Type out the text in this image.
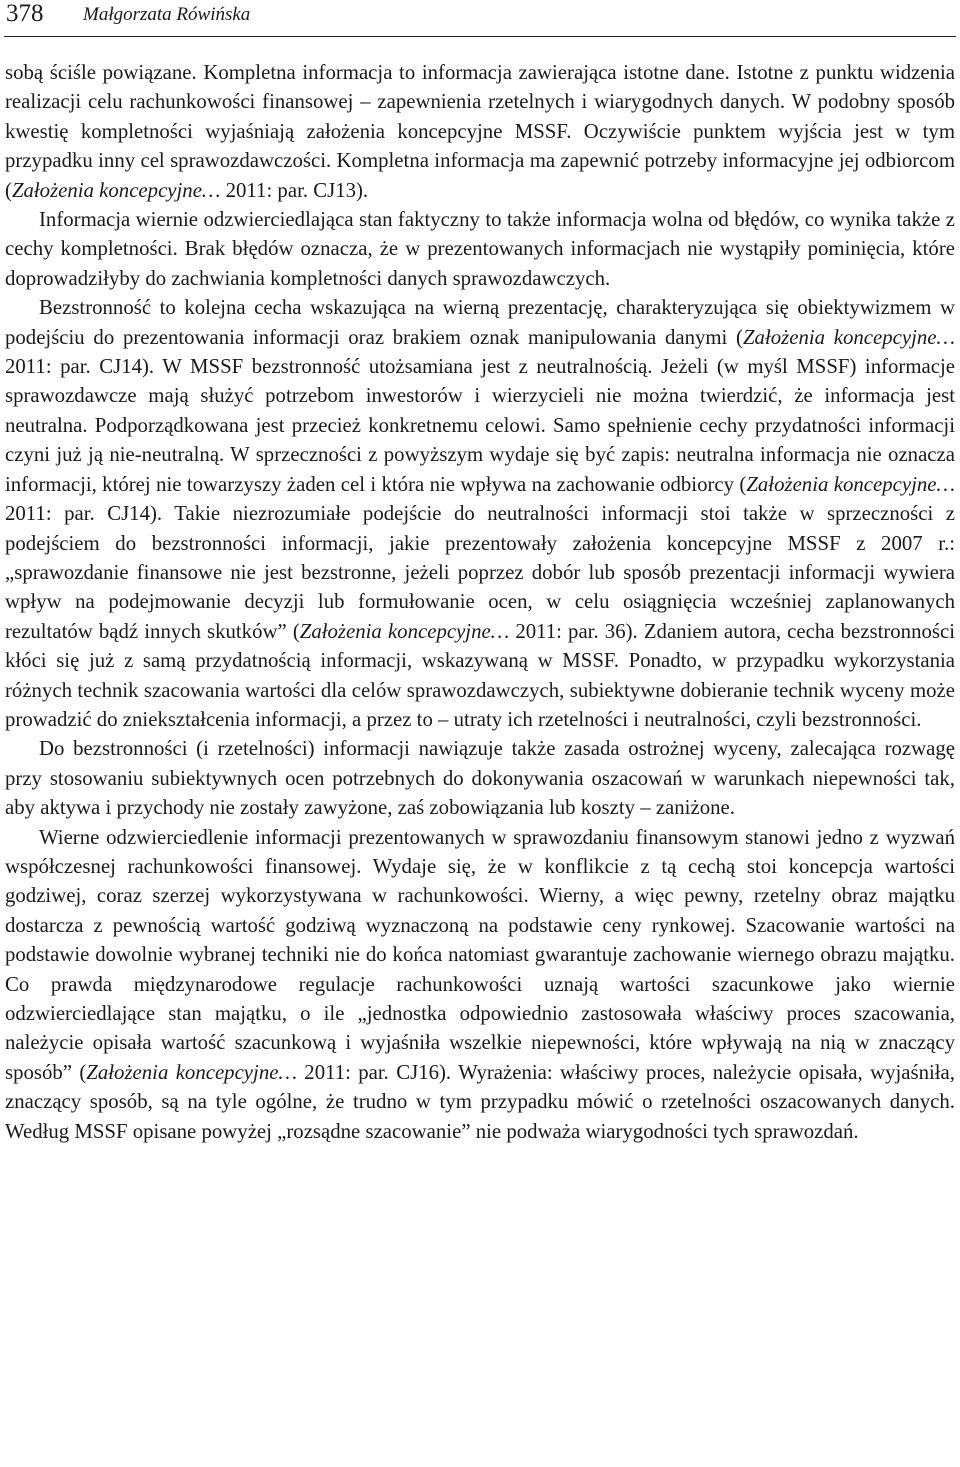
378 Małgorzata Rówińska

sobą ściśle powiązane. Kompletna informacja to informacja zawierająca istotne dane. Istotne z punktu widzenia realizacji celu rachunkowości finansowej – zapewnienia rzetelnych i wiarygodnych danych. W podobny sposób kwestię kompletności wyjaśniają założenia koncepcyjne MSSF. Oczywiście punktem wyjścia jest w tym przypadku inny cel sprawozdawczości. Kompletna informacja ma zapewnić potrzeby informacyjne jej odbiorcom (Założenia koncepcyjne… 2011: par. CJ13).

Informacja wiernie odzwierciedlająca stan faktyczny to także informacja wolna od błędów, co wynika także z cechy kompletności. Brak błędów oznacza, że w prezentowanych informacjach nie wystąpiły pominięcia, które doprowadziłyby do zachwiania kompletności danych sprawozdawczych.

Bezstronność to kolejna cecha wskazująca na wierną prezentację, charakteryzująca się obiektywizmem w podejściu do prezentowania informacji oraz brakiem oznak manipulowania danymi (Założenia koncepcyjne… 2011: par. CJ14). W MSSF bezstronność utożsamiana jest z neutralnością. Jeżeli (w myśl MSSF) informacje sprawozdawcze mają służyć potrzebom inwestorów i wierzycieli nie można twierdzić, że informacja jest neutralna. Podporządkowana jest przecież konkretnemu celowi. Samo spełnienie cechy przydatności informacji czyni już ją nie-neutralną. W sprzeczności z powyższym wydaje się być zapis: neutralna informacja nie oznacza informacji, której nie towarzyszy żaden cel i która nie wpływa na zachowanie odbiorcy (Założenia koncepcyjne… 2011: par. CJ14). Takie niezrozumiałe podejście do neutralności informacji stoi także w sprzeczności z podejściem do bezstronności informacji, jakie prezentowały założenia koncepcyjne MSSF z 2007 r.: „sprawozdanie finansowe nie jest bezstronne, jeżeli poprzez dobór lub sposób prezentacji informacji wywiera wpływ na podejmowanie decyzji lub formułowanie ocen, w celu osiągnięcia wcześniej zaplanowanych rezultatów bądź innych skutków” (Założenia koncepcyjne… 2011: par. 36). Zdaniem autora, cecha bezstronności kłóci się już z samą przydatnością informacji, wskazywaną w MSSF. Ponadto, w przypadku wykorzystania różnych technik szacowania wartości dla celów sprawozdawczych, subiektywne dobieranie technik wyceny może prowadzić do zniekształcenia informacji, a przez to – utraty ich rzetelności i neutralności, czyli bezstronności.

Do bezstronności (i rzetelności) informacji nawiązuje także zasada ostrożnej wyceny, zalecająca rozwagę przy stosowaniu subiektywnych ocen potrzebnych do dokonywania oszacowań w warunkach niepewności tak, aby aktywa i przychody nie zostały zawyżone, zaś zobowiązania lub koszty – zaniżone.

Wierne odzwierciedlenie informacji prezentowanych w sprawozdaniu finansowym stanowi jedno z wyzwań współczesnej rachunkowości finansowej. Wydaje się, że w konflikcie z tą cechą stoi koncepcja wartości godziwej, coraz szerzej wykorzystywana w rachunkowości. Wierny, a więc pewny, rzetelny obraz majątku dostarcza z pewnością wartość godziwą wyznaczoną na podstawie ceny rynkowej. Szacowanie wartości na podstawie dowolnie wybranej techniki nie do końca natomiast gwarantuje zachowanie wiernego obrazu majątku. Co prawda międzynarodowe regulacje rachunkowości uznają wartości szacunkowe jako wiernie odzwierciedlające stan majątku, o ile „jednostka odpowiednio zastosowała właściwy proces szacowania, należycie opisała wartość szacunkową i wyjaśniła wszelkie niepewności, które wpływają na nią w znaczący sposób” (Założenia koncepcyjne… 2011: par. CJ16). Wyrażenia: właściwy proces, należycie opisała, wyjaśniła, znaczący sposób, są na tyle ogólne, że trudno w tym przypadku mówić o rzetelności oszacowanych danych. Według MSSF opisane powyżej „rozsądne szacowanie” nie podważa wiarygodności tych sprawozdań.
